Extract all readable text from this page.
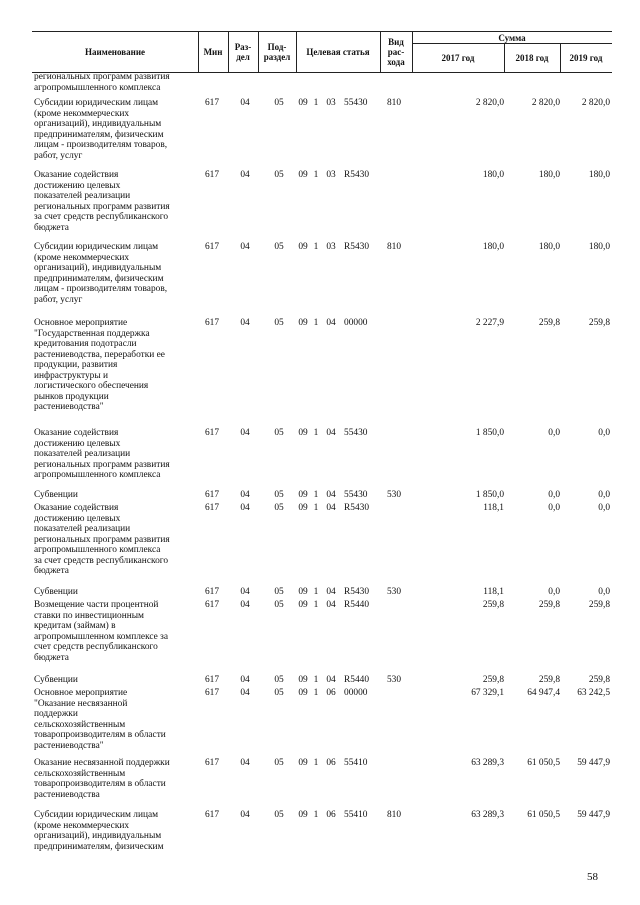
Наименование	Мин	Раз-
дел
Под-
раздел	Целевая статья
Вид
рас-
хода
Сумма
2017 год	2018 год	2019 год
региональных программ развития
агропромышленного комплекса
Субсидии юридическим лицам
(кроме некоммерческих
организаций), индивидуальным
предпринимателям, физическим
лицам - производителям товаров,
работ, услуг
617	04	05	09 1 03 55430	810	2 820,0	2 820,0	2 820,0
Оказание содействия
достижению целевых
показателей реализации
региональных программ развития
за счет средств республиканского
бюджета
617	04	05	09 1 03 R5430	180,0	180,0	180,0
Субсидии юридическим лицам
(кроме некоммерческих
организаций), индивидуальным
предпринимателям, физическим
лицам - производителям товаров,
работ, услуг
617	04	05	09 1 03 R5430	810	180,0	180,0	180,0
Основное мероприятие
"Государственная поддержка
кредитования подотрасли
растениеводства, переработки ее
продукции, развития
инфраструктуры и
логистического обеспечения
рынков продукции
растениеводства"
617	04	05	09 1 04 00000	2 227,9	259,8	259,8
Оказание содействия
достижению целевых
показателей реализации
региональных программ развития
агропромышленного комплекса
617	04	05	09 1 04 55430	1 850,0	0,0	0,0
Субвенции	617	04	05	09 1 04 55430	530	1 850,0	0,0	0,0
Оказание содействия
достижению целевых
показателей реализации
региональных программ развития
агропромышленного комплекса
за счет средств республиканского
бюджета
617	04	05	09 1 04 R5430	118,1	0,0	0,0
Субвенции	617	04	05	09 1 04 R5430	530	118,1	0,0	0,0
Возмещение части процентной
ставки по инвестиционным
кредитам (займам) в
агропромышленном комплексе за
счет средств республиканского
бюджета
617	04	05	09 1 04 R5440	259,8	259,8	259,8
Субвенции	617	04	05	09 1 04 R5440	530	259,8	259,8	259,8
Основное мероприятие
"Оказание несвязанной
поддержки
сельскохозяйственным
товаропроизводителям в области
растениеводства"
617	04	05	09 1 06 00000	67 329,1	64 947,4	63 242,5
Оказание несвязанной поддержки
сельскохозяйственным
товаропроизводителям в области
растениеводства
617	04	05	09 1 06 55410	63 289,3	61 050,5	59 447,9
Субсидии юридическим лицам
(кроме некоммерческих
организаций), индивидуальным
предпринимателям, физическим
617	04	05	09 1 06 55410	810	63 289,3	61 050,5	59 447,9
58
